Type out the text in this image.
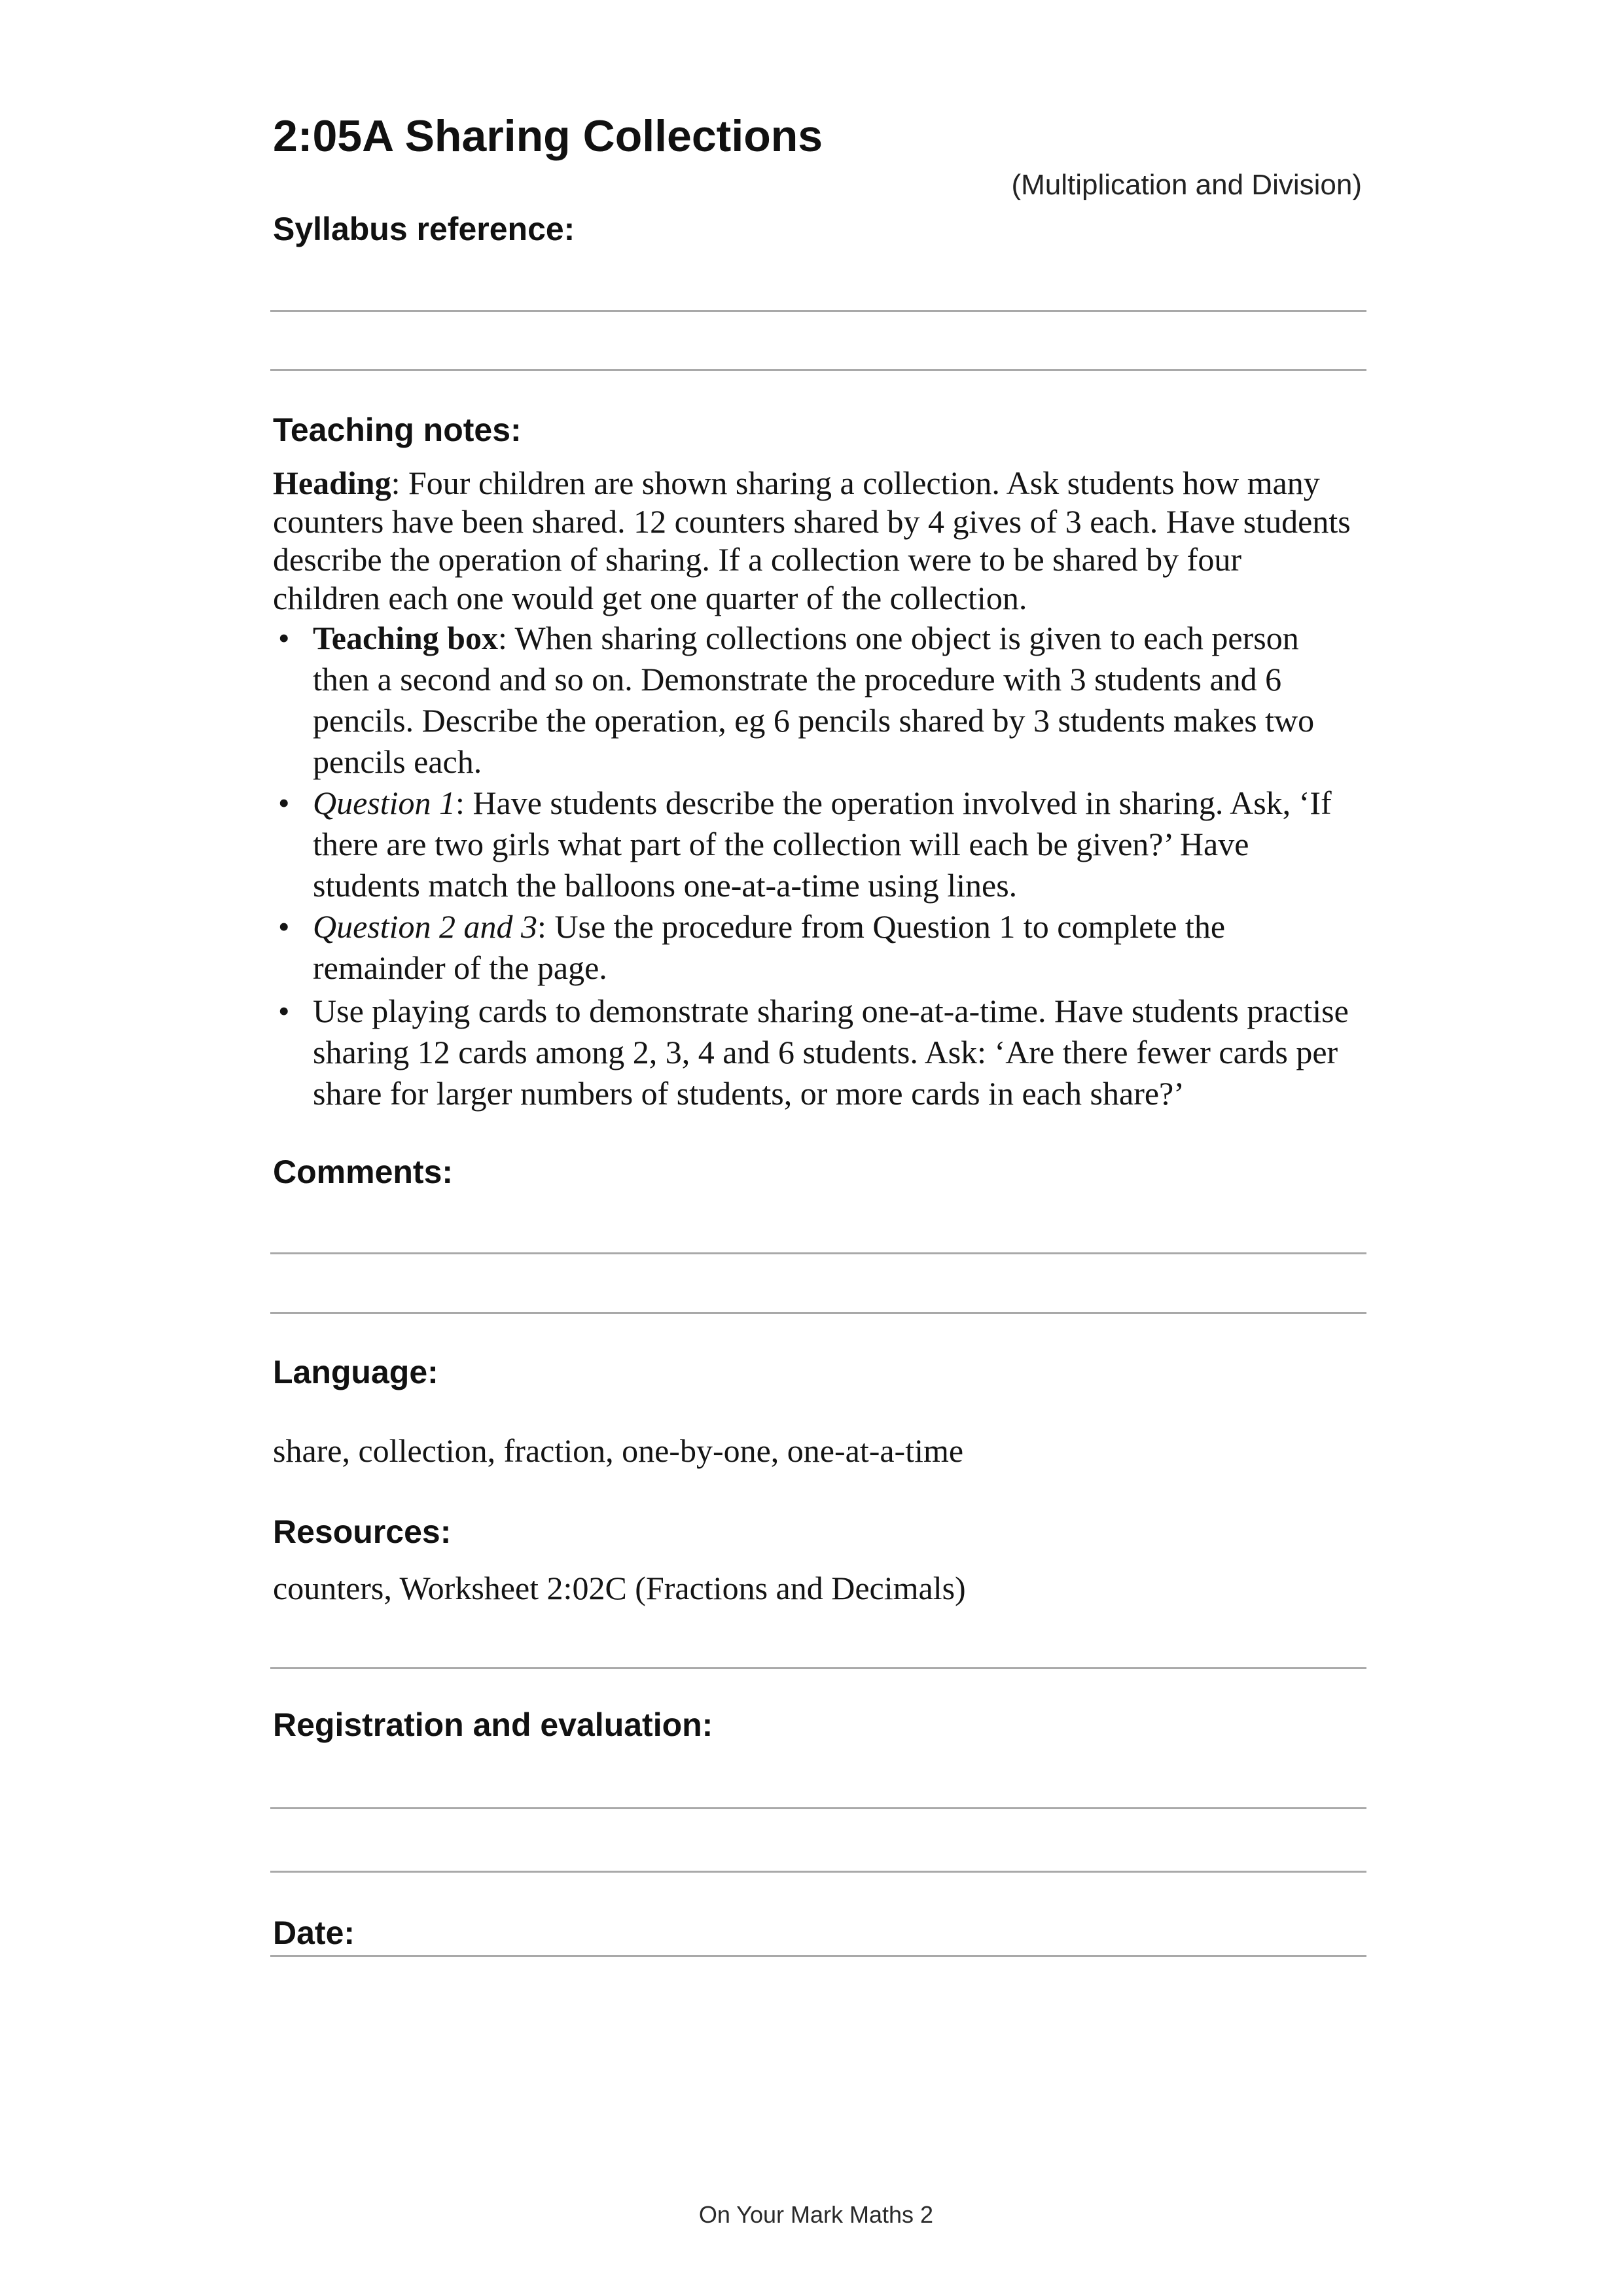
2:05A Sharing Collections
(Multiplication and Division)
Syllabus reference:
Teaching notes:
Heading: Four children are shown sharing a collection. Ask students how many
counters have been shared. 12 counters shared by 4 gives of 3 each. Have students
describe the operation of sharing. If a collection were to be shared by four
children each one would get one quarter of the collection.
• Teaching box: When sharing collections one object is given to each person
then a second and so on. Demonstrate the procedure with 3 students and 6
pencils. Describe the operation, eg 6 pencils shared by 3 students makes two
pencils each.
• Question 1: Have students describe the operation involved in sharing. Ask, ‘If
there are two girls what part of the collection will each be given?’ Have
students match the balloons one-at-a-time using lines.
• Question 2 and 3: Use the procedure from Question 1 to complete the
remainder of the page.
• Use playing cards to demonstrate sharing one-at-a-time. Have students practise
sharing 12 cards among 2, 3, 4 and 6 students. Ask: ‘Are there fewer cards per
share for larger numbers of students, or more cards in each share?’
Comments:
Language:
share, collection, fraction, one-by-one, one-at-a-time
Resources:
counters, Worksheet 2:02C (Fractions and Decimals)
Registration and evaluation:
Date:
On Your Mark Maths 2
